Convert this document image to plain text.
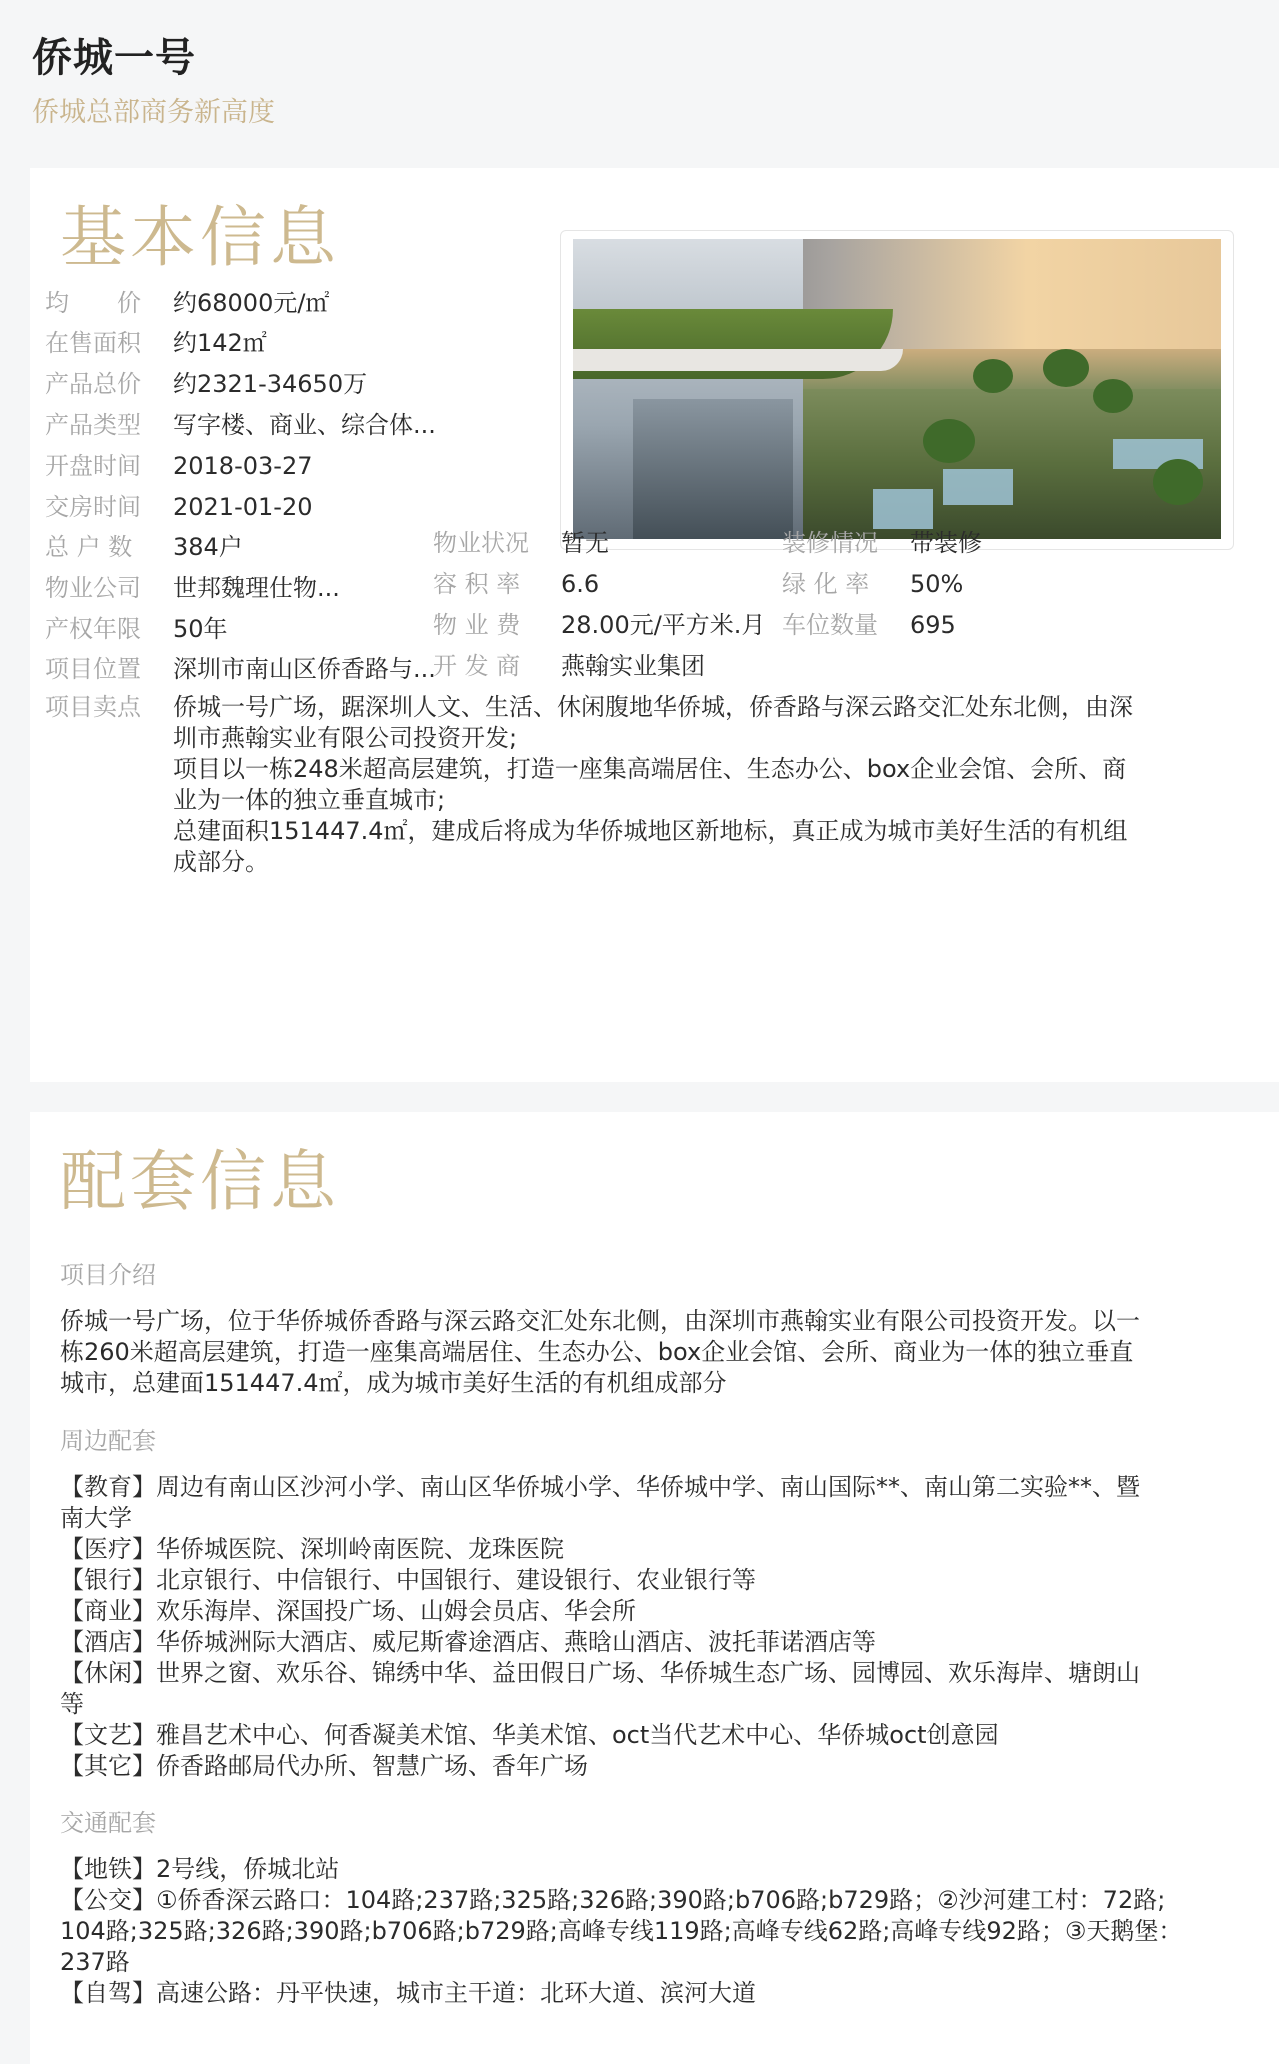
侨城一号
侨城总部商务新高度
基本信息
均　　价 约68000元/㎡
在售面积 约142㎡
产品总价 约2321-34650万
产品类型 写字楼、商业、综合体...
开盘时间 2018-03-27
交房时间 2021-01-20
总 户 数 384户
物业公司 世邦魏理仕物...
产权年限 50年
项目位置 深圳市南山区侨香路与...
物业状况 暂无
容 积 率 6.6
物 业 费 28.00元/平方米.月
开 发 商 燕翰实业集团
装修情况 带装修
绿 化 率 50%
车位数量 695
项目卖点	侨城一号广场，踞深圳人文、生活、休闲腹地华侨城，侨香路与深云路交汇处东北侧，由深
圳市燕翰实业有限公司投资开发;
项目以一栋248米超高层建筑，打造一座集高端居住、生态办公、box企业会馆、会所、商
业为一体的独立垂直城市;
总建面积151447.4㎡，建成后将成为华侨城地区新地标，真正成为城市美好生活的有机组
成部分。
配套信息
项目介绍
侨城一号广场，位于华侨城侨香路与深云路交汇处东北侧，由深圳市燕翰实业有限公司投资开发。以一
栋260米超高层建筑，打造一座集高端居住、生态办公、box企业会馆、会所、商业为一体的独立垂直
城市，总建面151447.4㎡，成为城市美好生活的有机组成部分
周边配套
【教育】周边有南山区沙河小学、南山区华侨城小学、华侨城中学、南山国际**、南山第二实验**、暨
南大学
【医疗】华侨城医院、深圳岭南医院、龙珠医院
【银行】北京银行、中信银行、中国银行、建设银行、农业银行等
【商业】欢乐海岸、深国投广场、山姆会员店、华会所
【酒店】华侨城洲际大酒店、威尼斯睿途酒店、燕晗山酒店、波托菲诺酒店等
【休闲】世界之窗、欢乐谷、锦绣中华、益田假日广场、华侨城生态广场、园博园、欢乐海岸、塘朗山
等
【文艺】雅昌艺术中心、何香凝美术馆、华美术馆、oct当代艺术中心、华侨城oct创意园
【其它】侨香路邮局代办所、智慧广场、香年广场
交通配套
【地铁】2号线，侨城北站
【公交】①侨香深云路口：104路;237路;325路;326路;390路;b706路;b729路；②沙河建工村：72路;
104路;325路;326路;390路;b706路;b729路;高峰专线119路;高峰专线62路;高峰专线92路；③天鹅堡：
237路
【自驾】高速公路：丹平快速，城市主干道：北环大道、滨河大道
